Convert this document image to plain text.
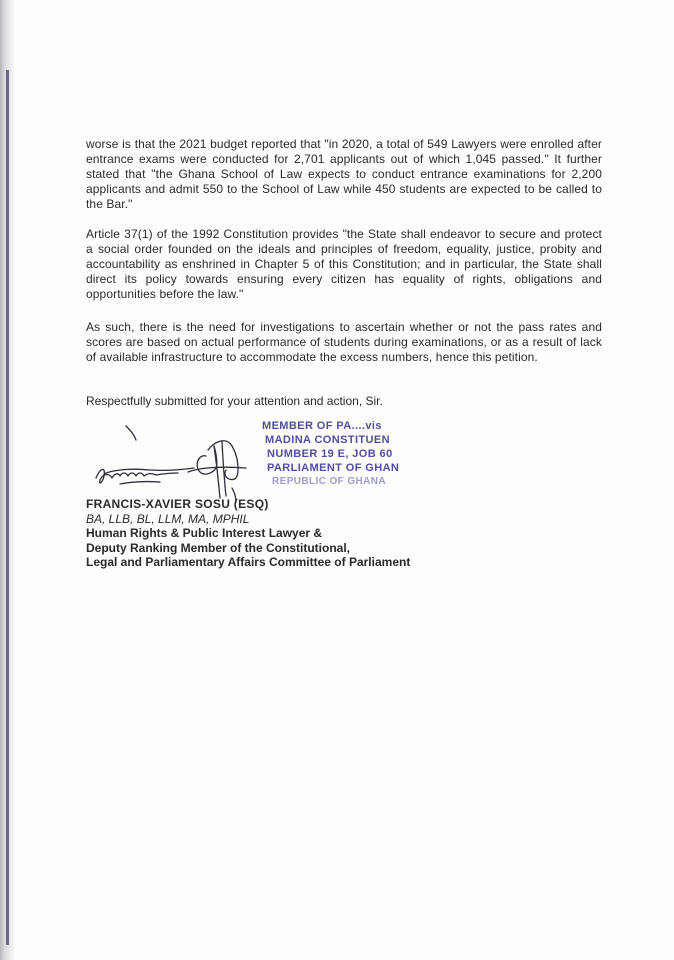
worse is that the 2021 budget reported that "in 2020, a total of 549 Lawyers were enrolled after entrance exams were conducted for 2,701 applicants out of which 1,045 passed." It further stated that "the Ghana School of Law expects to conduct entrance examinations for 2,200 applicants and admit 550 to the School of Law while 450 students are expected to be called to the Bar."

Article 37(1) of the 1992 Constitution provides "the State shall endeavor to secure and protect a social order founded on the ideals and principles of freedom, equality, justice, probity and accountability as enshrined in Chapter 5 of this Constitution; and in particular, the State shall direct its policy towards ensuring every citizen has equality of rights, obligations and opportunities before the law."

As such, there is the need for investigations to ascertain whether or not the pass rates and scores are based on actual performance of students during examinations, or as a result of lack of available infrastructure to accommodate the excess numbers, hence this petition.

Respectfully submitted for your attention and action, Sir.

MEMBER OF PA....vis
MADINA CONSTITUEN
NUMBER 19 E, JOB 60
PARLIAMENT OF GHAN
REPUBLIC OF GHANA
FRANCIS-XAVIER SOSU (ESQ)
BA, LLB, BL, LLM, MA, MPHIL
Human Rights & Public Interest Lawyer &
Deputy Ranking Member of the Constitutional,
Legal and Parliamentary Affairs Committee of Parliament
